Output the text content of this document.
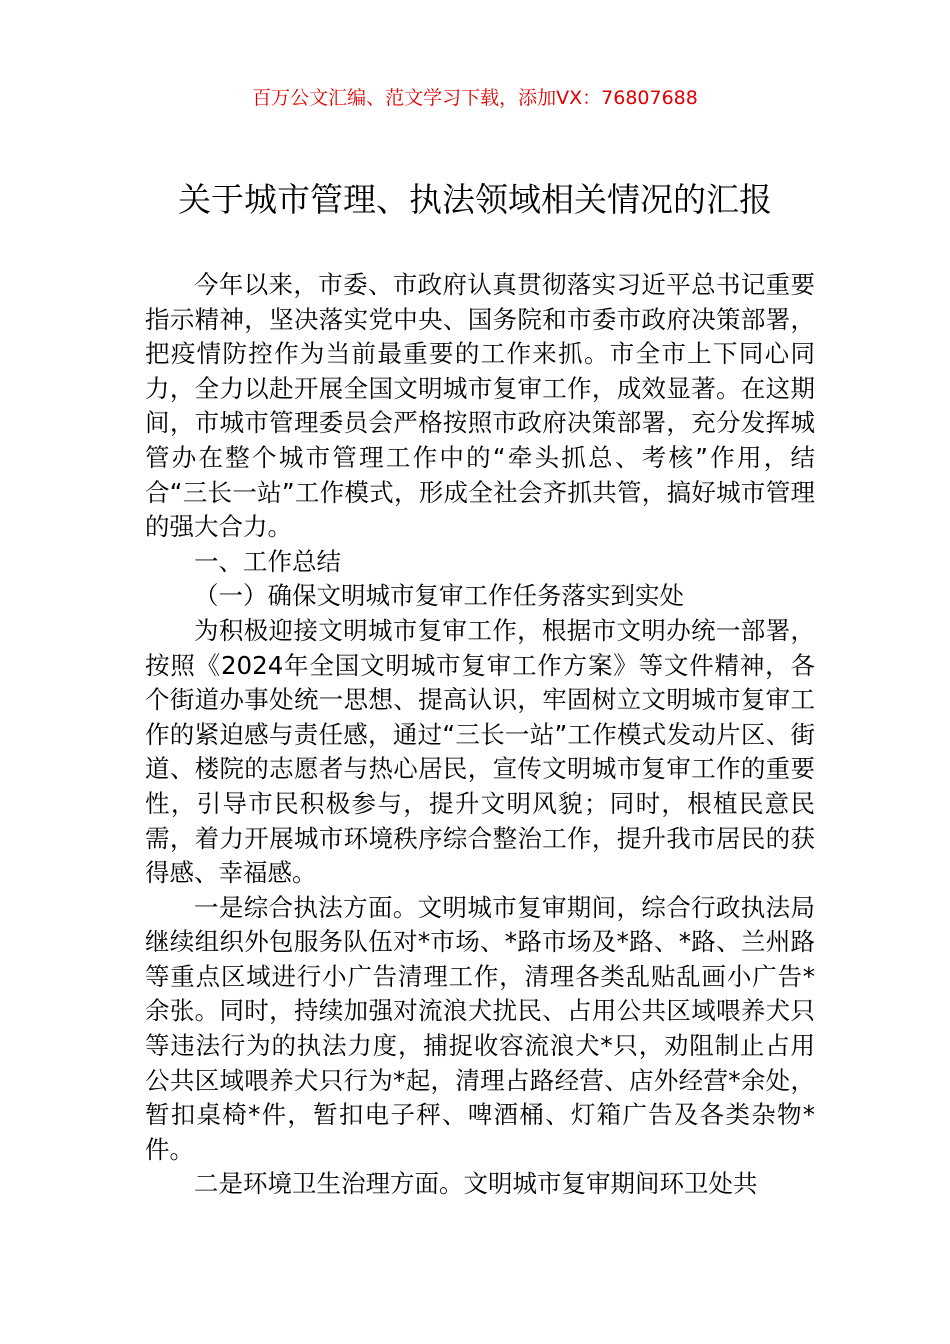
百万公文汇编、范文学习下载，添加VX：76807688
关于城市管理、执法领域相关情况的汇报

今年以来，市委、市政府认真贯彻落实习近平总书记重要指示精神，坚决落实党中央、国务院和市委市政府决策部署，把疫情防控作为当前最重要的工作来抓。市全市上下同心同力，全力以赴开展全国文明城市复审工作，成效显著。在这期间，市城市管理委员会严格按照市政府决策部署，充分发挥城管办在整个城市管理工作中的“牵头抓总、考核”作用，结合“三长一站”工作模式，形成全社会齐抓共管，搞好城市管理的强大合力。

一、工作总结

（一）确保文明城市复审工作任务落实到实处

为积极迎接文明城市复审工作，根据市文明办统一部署，按照《2024年全国文明城市复审工作方案》等文件精神，各个街道办事处统一思想、提高认识，牢固树立文明城市复审工作的紧迫感与责任感，通过“三长一站”工作模式发动片区、街道、楼院的志愿者与热心居民，宣传文明城市复审工作的重要性，引导市民积极参与，提升文明风貌；同时，根植民意民需，着力开展城市环境秩序综合整治工作，提升我市居民的获得感、幸福感。

一是综合执法方面。文明城市复审期间，综合行政执法局继续组织外包服务队伍对*市场、*路市场及*路、*路、兰州路等重点区域进行小广告清理工作，清理各类乱贴乱画小广告*余张。同时，持续加强对流浪犬扰民、占用公共区域喂养犬只等违法行为的执法力度，捕捉收容流浪犬*只，劝阻制止占用公共区域喂养犬只行为*起，清理占路经营、店外经营*余处，暂扣桌椅*件，暂扣电子秤、啤酒桶、灯箱广告及各类杂物*件。

二是环境卫生治理方面。文明城市复审期间环卫处共
